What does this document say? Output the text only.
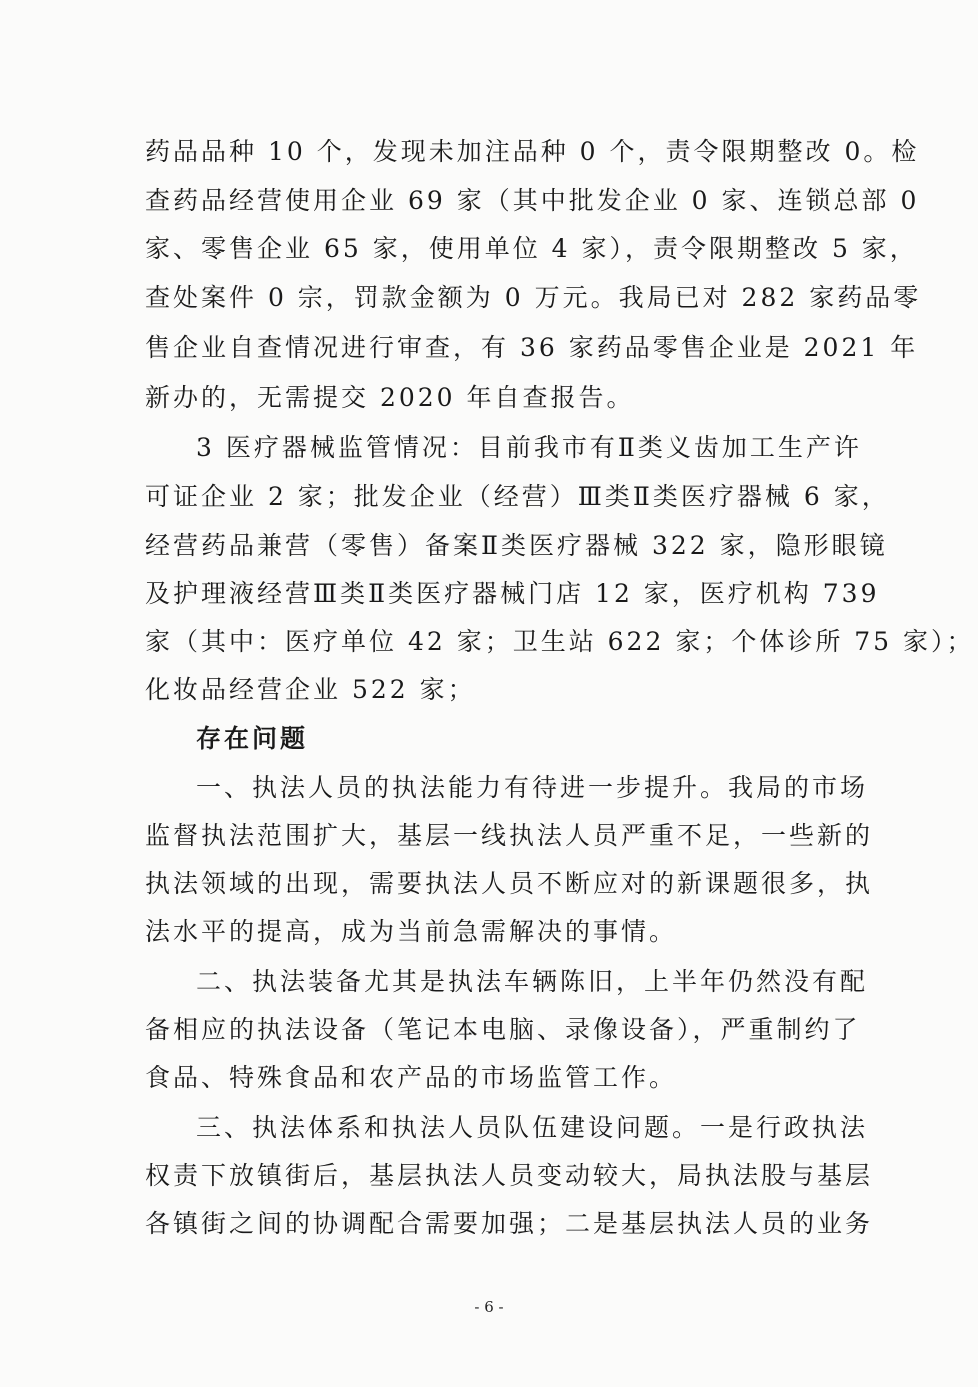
药品品种 10 个，发现未加注品种 0 个，责令限期整改 0。检
查药品经营使用企业 69 家（其中批发企业 0 家、连锁总部 0
家、零售企业 65 家，使用单位 4 家），责令限期整改 5 家，
查处案件 0 宗，罚款金额为 0 万元。我局已对 282 家药品零
售企业自查情况进行审查，有 36 家药品零售企业是 2021 年
新办的，无需提交 2020 年自查报告。
3 医疗器械监管情况：目前我市有Ⅱ类义齿加工生产许
可证企业 2 家；批发企业（经营）Ⅲ类Ⅱ类医疗器械 6 家，
经营药品兼营（零售）备案Ⅱ类医疗器械 322 家，隐形眼镜
及护理液经营Ⅲ类Ⅱ类医疗器械门店 12 家，医疗机构 739
家（其中：医疗单位 42 家；卫生站 622 家；个体诊所 75 家）；
化妆品经营企业 522 家；
存在问题
一、执法人员的执法能力有待进一步提升。我局的市场
监督执法范围扩大，基层一线执法人员严重不足，一些新的
执法领域的出现，需要执法人员不断应对的新课题很多，执
法水平的提高，成为当前急需解决的事情。
二、执法装备尤其是执法车辆陈旧，上半年仍然没有配
备相应的执法设备（笔记本电脑、录像设备），严重制约了
食品、特殊食品和农产品的市场监管工作。
三、执法体系和执法人员队伍建设问题。一是行政执法
权责下放镇街后，基层执法人员变动较大，局执法股与基层
各镇街之间的协调配合需要加强；二是基层执法人员的业务
- 6 -
